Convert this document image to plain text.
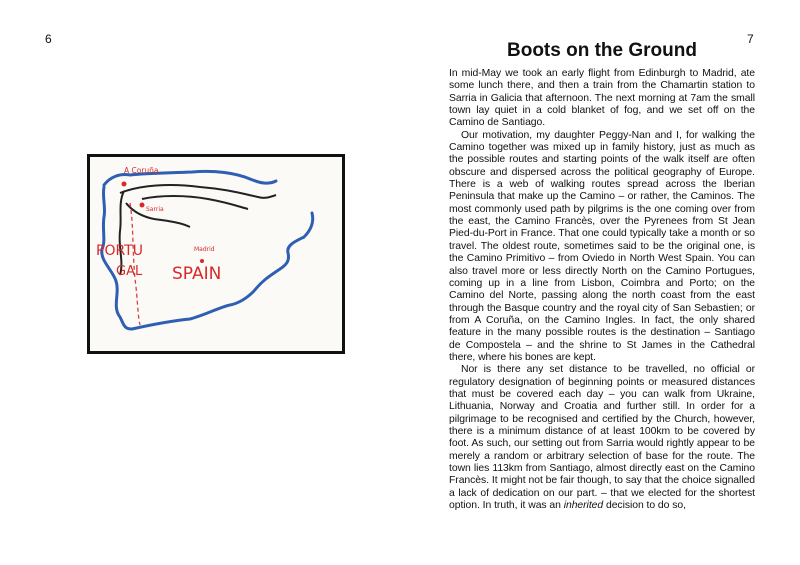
6	7
A Coruña
Sarria
Madrid
PORTU
GAL SPAIN
Boots on the Ground

In mid-May we took an early flight from Edinburgh to Madrid, ate some lunch there, and then a train from the Chamartin station to Sarria in Galicia that afternoon. The next morning at 7am the small town lay quiet in a cold blanket of fog, and we set off on the Camino de Santiago.

Our motivation, my daughter Peggy-Nan and I, for walking the Camino together was mixed up in family history, just as much as the possible routes and starting points of the walk itself are often obscure and dispersed across the political geography of Europe. There is a web of walking routes spread across the Iberian Peninsula that make up the Camino – or rather, the Caminos. The most commonly used path by pilgrims is the one coming over from the east, the Camino Francès, over the Pyrenees from St Jean Pied-du-Port in France. That one could typically take a month or so travel. The oldest route, sometimes said to be the original one, is the Camino Primitivo – from Oviedo in North West Spain. You can also travel more or less directly North on the Camino Portugues, coming up in a line from Lisbon, Coimbra and Porto; on the Camino del Norte, passing along the north coast from the east through the Basque country and the royal city of San Sebastien; or from A Coruña, on the Camino Ingles. In fact, the only shared feature in the many possible routes is the destination – Santiago de Compostela – and the shrine to St James in the Cathedral there, where his bones are kept.

Nor is there any set distance to be travelled, no official or regulatory designation of beginning points or measured distances that must be covered each day – you can walk from Ukraine, Lithuania, Norway and Croatia and further still. In order for a pilgrimage to be recognised and certified by the Church, however, there is a minimum distance of at least 100km to be covered by foot. As such, our setting out from Sarria would rightly appear to be merely a random or arbitrary selection of base for the route. The town lies 113km from Santiago, almost directly east on the Camino Francès. It might not be fair though, to say that the choice signalled a lack of dedication on our part. – that we elected for the shortest option. In truth, it was an inherited decision to do so,
